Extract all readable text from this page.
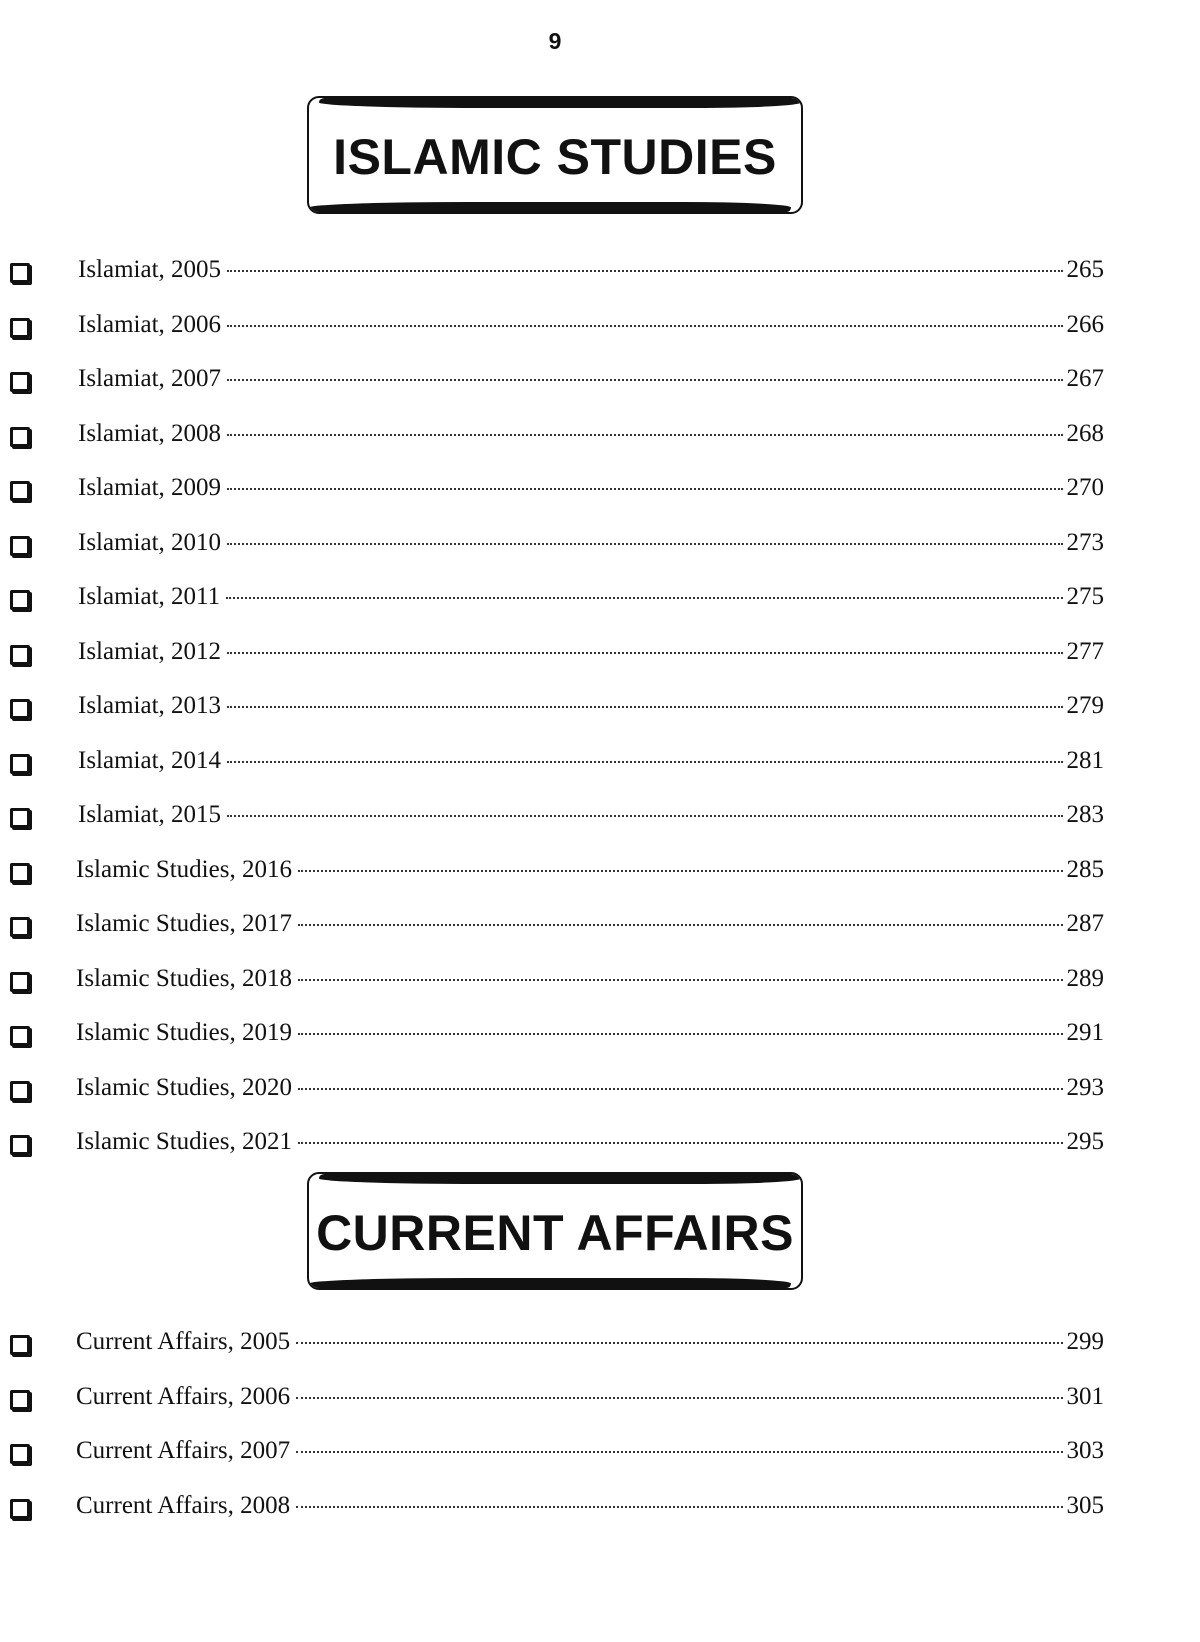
9
ISLAMIC STUDIES
Islamiat, 2005	265
Islamiat, 2006	266
Islamiat, 2007	267
Islamiat, 2008	268
Islamiat, 2009	270
Islamiat, 2010	273
Islamiat, 2011	275
Islamiat, 2012	277
Islamiat, 2013	279
Islamiat, 2014	281
Islamiat, 2015	283
Islamic Studies, 2016	285
Islamic Studies, 2017	287
Islamic Studies, 2018	289
Islamic Studies, 2019	291
Islamic Studies, 2020	293
Islamic Studies, 2021	295
CURRENT AFFAIRS
Current Affairs, 2005	299
Current Affairs, 2006	301
Current Affairs, 2007	303
Current Affairs, 2008	305
